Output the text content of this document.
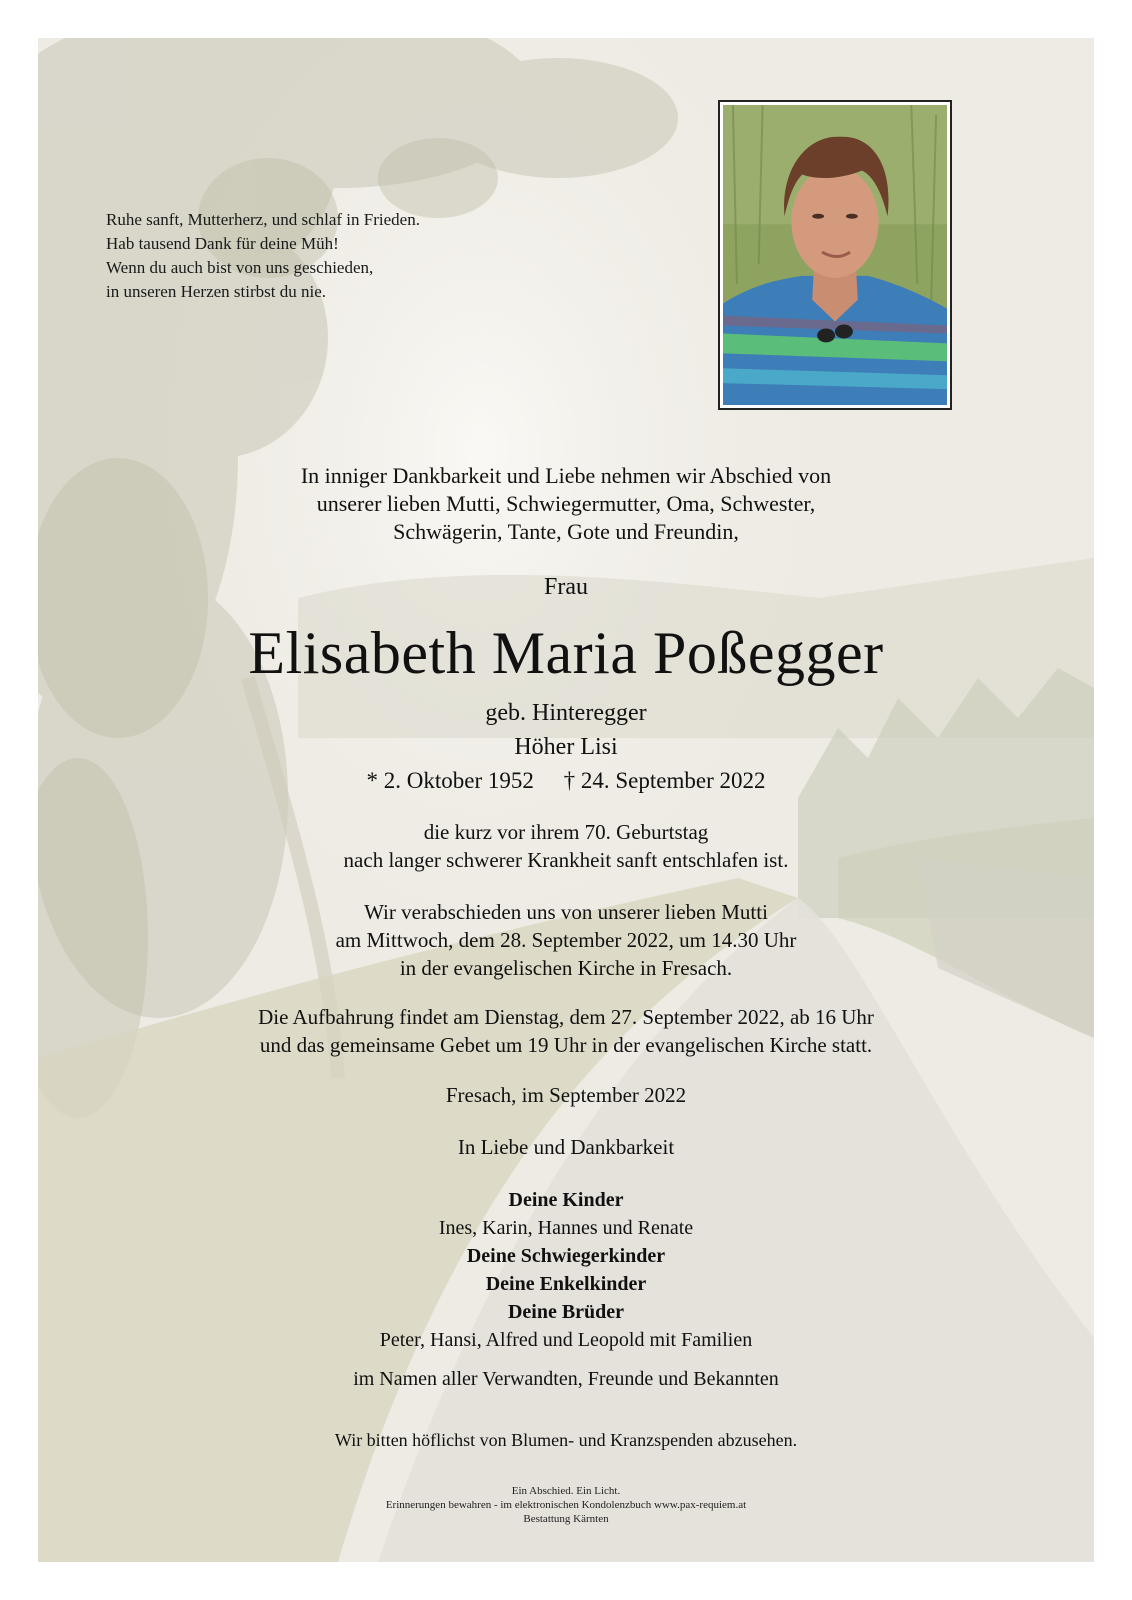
Ruhe sanft, Mutterherz, und schlaf in Frieden.
Hab tausend Dank für deine Müh!
Wenn du auch bist von uns geschieden,
in unseren Herzen stirbst du nie.
In inniger Dankbarkeit und Liebe nehmen wir Abschied von
unserer lieben Mutti, Schwiegermutter, Oma, Schwester,
Schwägerin, Tante, Gote und Freundin,
Frau
Elisabeth Maria Poßegger
geb. Hinteregger
Höher Lisi
* 2. Oktober 1952 † 24. September 2022
die kurz vor ihrem 70. Geburtstag
nach langer schwerer Krankheit sanft entschlafen ist.
Wir verabschieden uns von unserer lieben Mutti
am Mittwoch, dem 28. September 2022, um 14.30 Uhr
in der evangelischen Kirche in Fresach.
Die Aufbahrung findet am Dienstag, dem 27. September 2022, ab 16 Uhr
und das gemeinsame Gebet um 19 Uhr in der evangelischen Kirche statt.
Fresach, im September 2022
In Liebe und Dankbarkeit
Deine Kinder
Ines, Karin, Hannes und Renate
Deine Schwiegerkinder
Deine Enkelkinder
Deine Brüder
Peter, Hansi, Alfred und Leopold mit Familien
im Namen aller Verwandten, Freunde und Bekannten
Wir bitten höflichst von Blumen- und Kranzspenden abzusehen.
Ein Abschied. Ein Licht.
Erinnerungen bewahren - im elektronischen Kondolenzbuch www.pax-requiem.at
Bestattung Kärnten
